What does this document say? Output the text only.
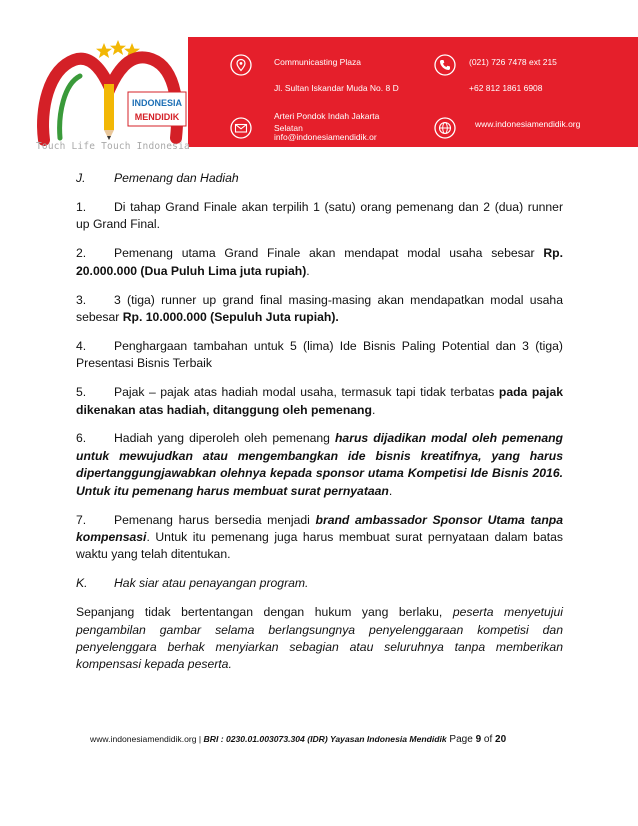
INDONESIA
MENDIDIK
Touch Life Touch Indonesia
Communicasting Plaza
Jl. Sultan Iskandar Muda No. 8 D
Arteri Pondok Indah Jakarta
Selatan
info@indonesiamendidik.or
(021) 726 7478 ext 215
+62 812 1861 6908
www.indonesiamendidik.org

J. Pemenang dan Hadiah

1. Di tahap Grand Finale akan terpilih 1 (satu) orang pemenang dan 2 (dua) runner up Grand Final.

2. Pemenang utama Grand Finale akan mendapat modal usaha sebesar Rp. 20.000.000 (Dua Puluh Lima juta rupiah).

3. 3 (tiga) runner up grand final masing-masing akan mendapatkan modal usaha sebesar Rp. 10.000.000 (Sepuluh Juta rupiah).

4. Penghargaan tambahan untuk 5 (lima) Ide Bisnis Paling Potential dan 3 (tiga) Presentasi Bisnis Terbaik

5. Pajak – pajak atas hadiah modal usaha, termasuk tapi tidak terbatas pada pajak dikenakan atas hadiah, ditanggung oleh pemenang.

6. Hadiah yang diperoleh oleh pemenang harus dijadikan modal oleh pemenang untuk mewujudkan atau mengembangkan ide bisnis kreatifnya, yang harus dipertanggungjawabkan olehnya kepada sponsor utama Kompetisi Ide Bisnis 2016. Untuk itu pemenang harus membuat surat pernyataan.

7. Pemenang harus bersedia menjadi brand ambassador Sponsor Utama tanpa kompensasi. Untuk itu pemenang juga harus membuat surat pernyataan dalam batas waktu yang telah ditentukan.

K. Hak siar atau penayangan program.

Sepanjang tidak bertentangan dengan hukum yang berlaku, peserta menyetujui pengambilan gambar selama berlangsungnya penyelenggaraan kompetisi dan penyelenggara berhak menyiarkan sebagian atau seluruhnya tanpa memberikan kompensasi kepada peserta.

www.indonesiamendidik.org | BRI : 0230.01.003073.304 (IDR) Yayasan Indonesia Mendidik Page 9 of 20
